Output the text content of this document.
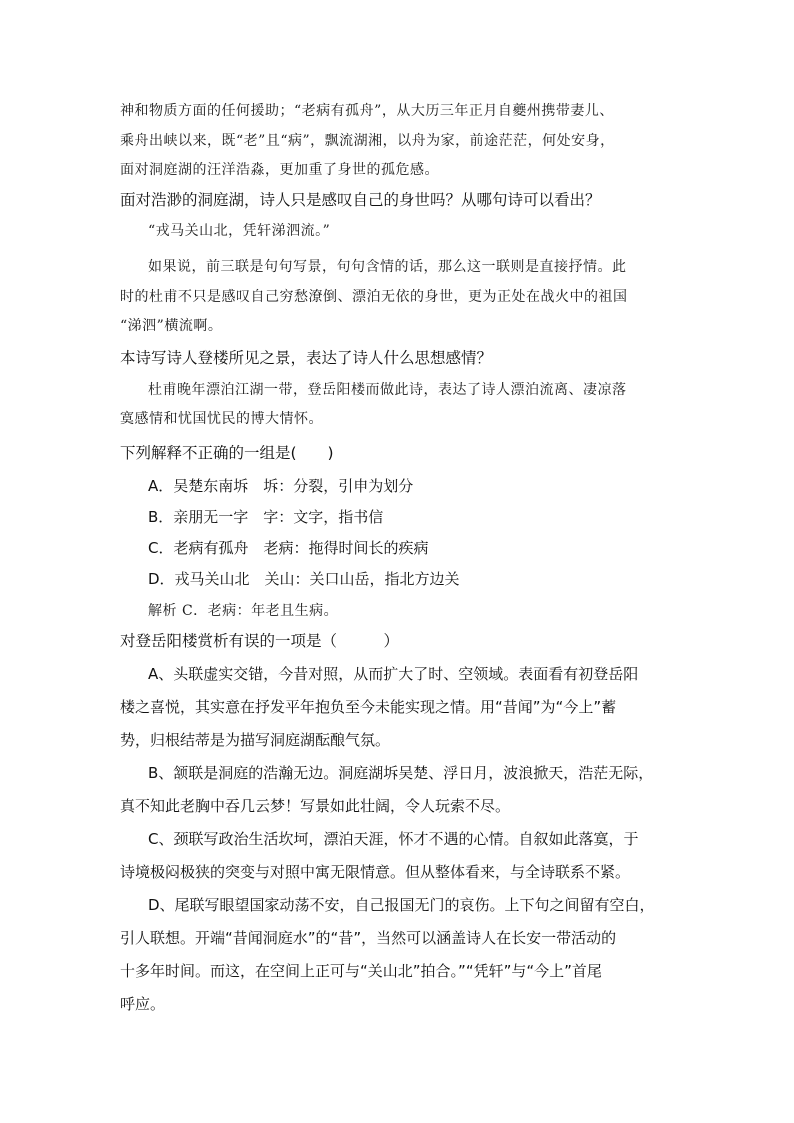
神和物质方面的任何援助；“老病有孤舟”，从大历三年正月自夔州携带妻儿、
乘舟出峡以来，既“老”且“病”，飘流湖湘，以舟为家，前途茫茫，何处安身，
面对洞庭湖的汪洋浩淼，更加重了身世的孤危感。
面对浩渺的洞庭湖，诗人只是感叹自己的身世吗？从哪句诗可以看出？
“戎马关山北，凭轩涕泗流。”
如果说，前三联是句句写景，句句含情的话，那么这一联则是直接抒情。此
时的杜甫不只是感叹自己穷愁潦倒、漂泊无依的身世，更为正处在战火中的祖国
“涕泗”横流啊。
本诗写诗人登楼所见之景，表达了诗人什么思想感情？
杜甫晚年漂泊江湖一带，登岳阳楼而做此诗，表达了诗人漂泊流离、凄凉落
寞感情和忧国忧民的博大情怀。
下列解释不正确的一组是(　　)
A．吴楚东南坼　坼：分裂，引申为划分
B．亲朋无一字　字：文字，指书信
C．老病有孤舟　老病：拖得时间长的疾病
D．戎马关山北　关山：关口山岳，指北方边关
解析 C．老病：年老且生病。
对登岳阳楼赏析有误的一项是（　　　）
A、头联虚实交错，今昔对照，从而扩大了时、空领域。表面看有初登岳阳
楼之喜悦，其实意在抒发平年抱负至今未能实现之情。用“昔闻”为“今上”蓄
势，归根结蒂是为描写洞庭湖酝酿气氛。
B、颔联是洞庭的浩瀚无边。洞庭湖坼吴楚、浮日月，波浪掀天，浩茫无际，
真不知此老胸中吞几云梦！写景如此壮阔，令人玩索不尽。
C、颈联写政治生活坎坷，漂泊天涯，怀才不遇的心情。自叙如此落寞，于
诗境极闷极狭的突变与对照中寓无限情意。但从整体看来，与全诗联系不紧。
D、尾联写眼望国家动荡不安，自己报国无门的哀伤。上下句之间留有空白，
引人联想。开端“昔闻洞庭水”的“昔”，当然可以涵盖诗人在长安一带活动的
十多年时间。而这，在空间上正可与“关山北”拍合。”“凭轩”与“今上”首尾
呼应。
